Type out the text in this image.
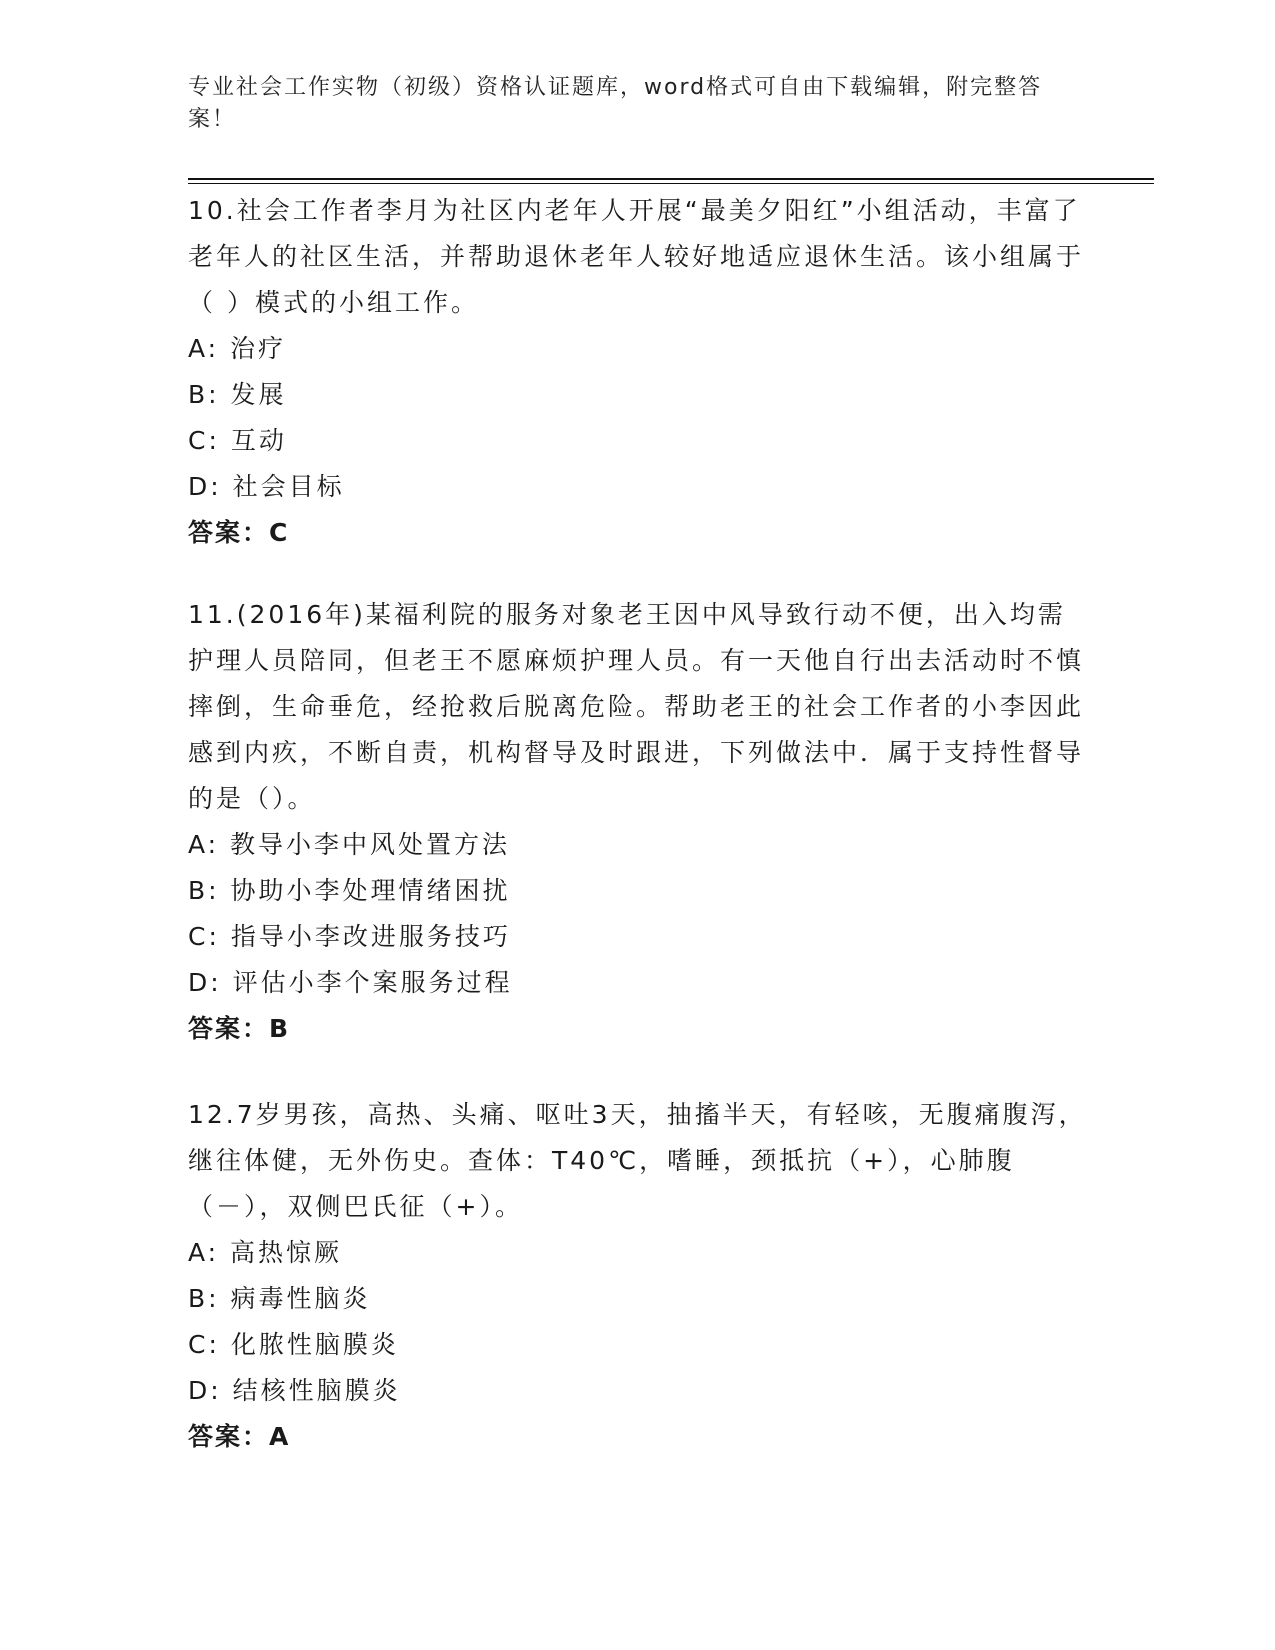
专业社会工作实物（初级）资格认证题库，word格式可自由下载编辑，附完整答案！

10.社会工作者李月为社区内老年人开展“最美夕阳红”小组活动，丰富了老年人的社区生活，并帮助退休老年人较好地适应退休生活。该小组属于（ ）模式的小组工作。

A: 治疗

B: 发展

C: 互动

D: 社会目标

答案：C

11.(2016年)某福利院的服务对象老王因中风导致行动不便，出入均需护理人员陪同，但老王不愿麻烦护理人员。有一天他自行出去活动时不慎摔倒，生命垂危，经抢救后脱离危险。帮助老王的社会工作者的小李因此感到内疚，不断自责，机构督导及时跟进，下列做法中．属于支持性督导的是（）。

A: 教导小李中风处置方法

B: 协助小李处理情绪困扰

C: 指导小李改进服务技巧

D: 评估小李个案服务过程

答案：B

12.7岁男孩，高热、头痛、呕吐3天，抽搐半天，有轻咳，无腹痛腹泻，继往体健，无外伤史。查体：T40℃，嗜睡，颈抵抗（+），心肺腹（－），双侧巴氏征（+）。

A: 高热惊厥

B: 病毒性脑炎

C: 化脓性脑膜炎

D: 结核性脑膜炎

答案：A
